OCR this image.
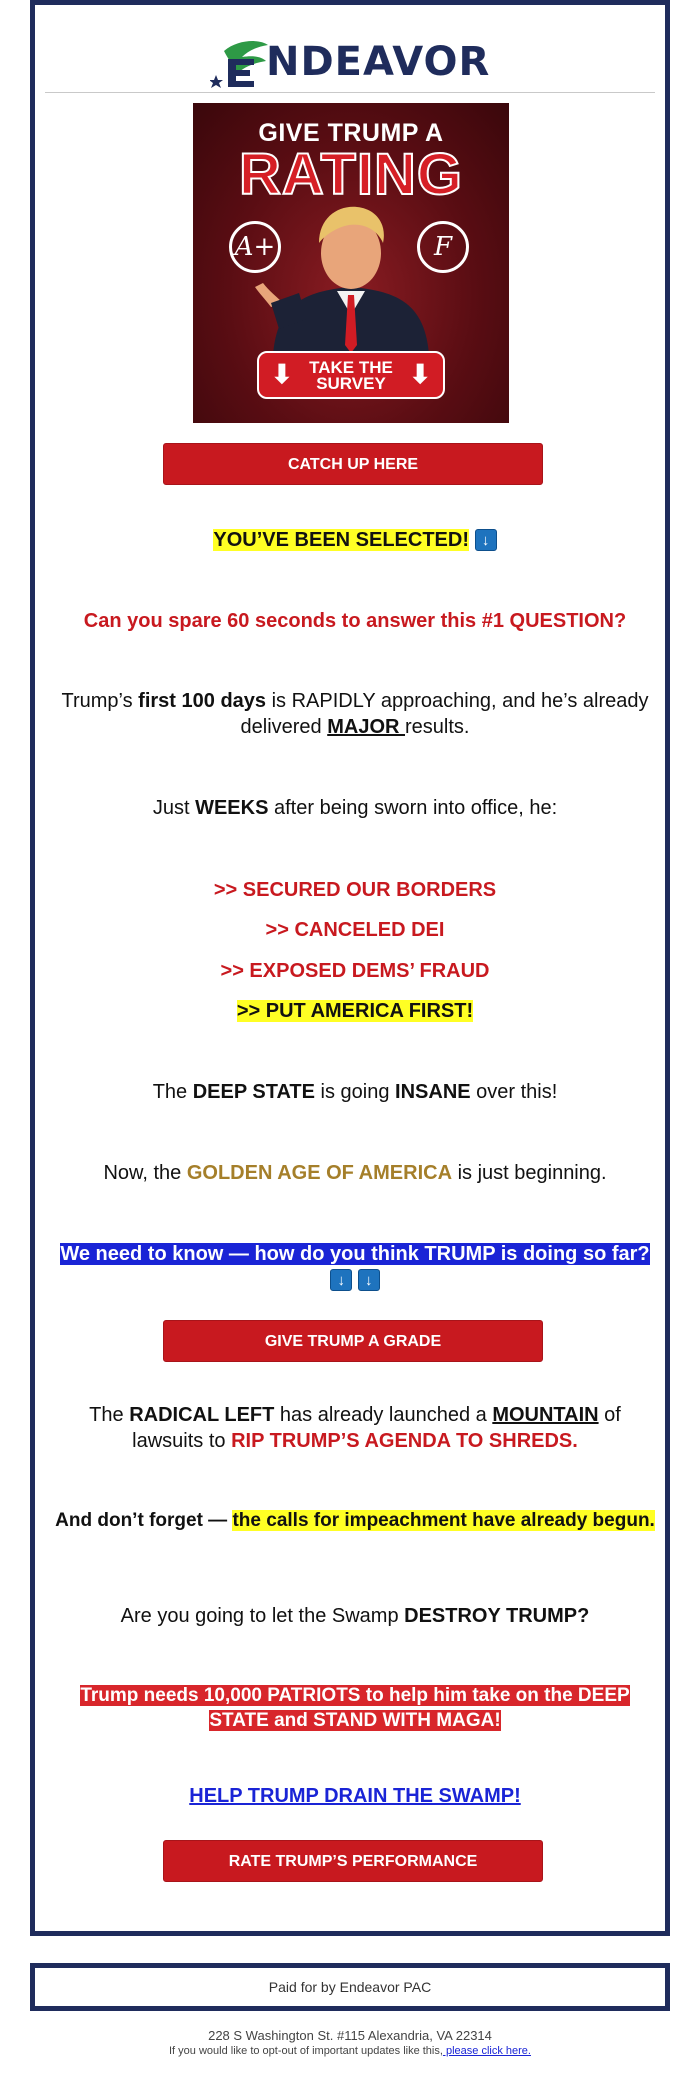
NDEAVOR
GIVE TRUMP A
RATING
A+	F
⬇ TAKE THE
SURVEY ⬇
CATCH UP HERE
YOU’VE BEEN SELECTED! ↓
Can you spare 60 seconds to answer this #1 QUESTION?
Trump’s first 100 days is RAPIDLY approaching, and he’s already delivered MAJOR results.
Just WEEKS after being sworn into office, he:
>> SECURED OUR BORDERS
>> CANCELED DEI
>> EXPOSED DEMS’ FRAUD
>> PUT AMERICA FIRST!
The DEEP STATE is going INSANE over this!
Now, the GOLDEN AGE OF AMERICA is just beginning.
We need to know — how do you think TRUMP is doing so far? ↓ ↓
GIVE TRUMP A GRADE
The RADICAL LEFT has already launched a MOUNTAIN of lawsuits to RIP TRUMP’S AGENDA TO SHREDS.
And don’t forget — the calls for impeachment have already begun.
Are you going to let the Swamp DESTROY TRUMP?
Trump needs 10,000 PATRIOTS to help him take on the DEEP STATE and STAND WITH MAGA!
HELP TRUMP DRAIN THE SWAMP!
RATE TRUMP’S PERFORMANCE
Paid for by Endeavor PAC
228 S Washington St. #115 Alexandria, VA 22314
If you would like to opt-out of important updates like this, please click here.
